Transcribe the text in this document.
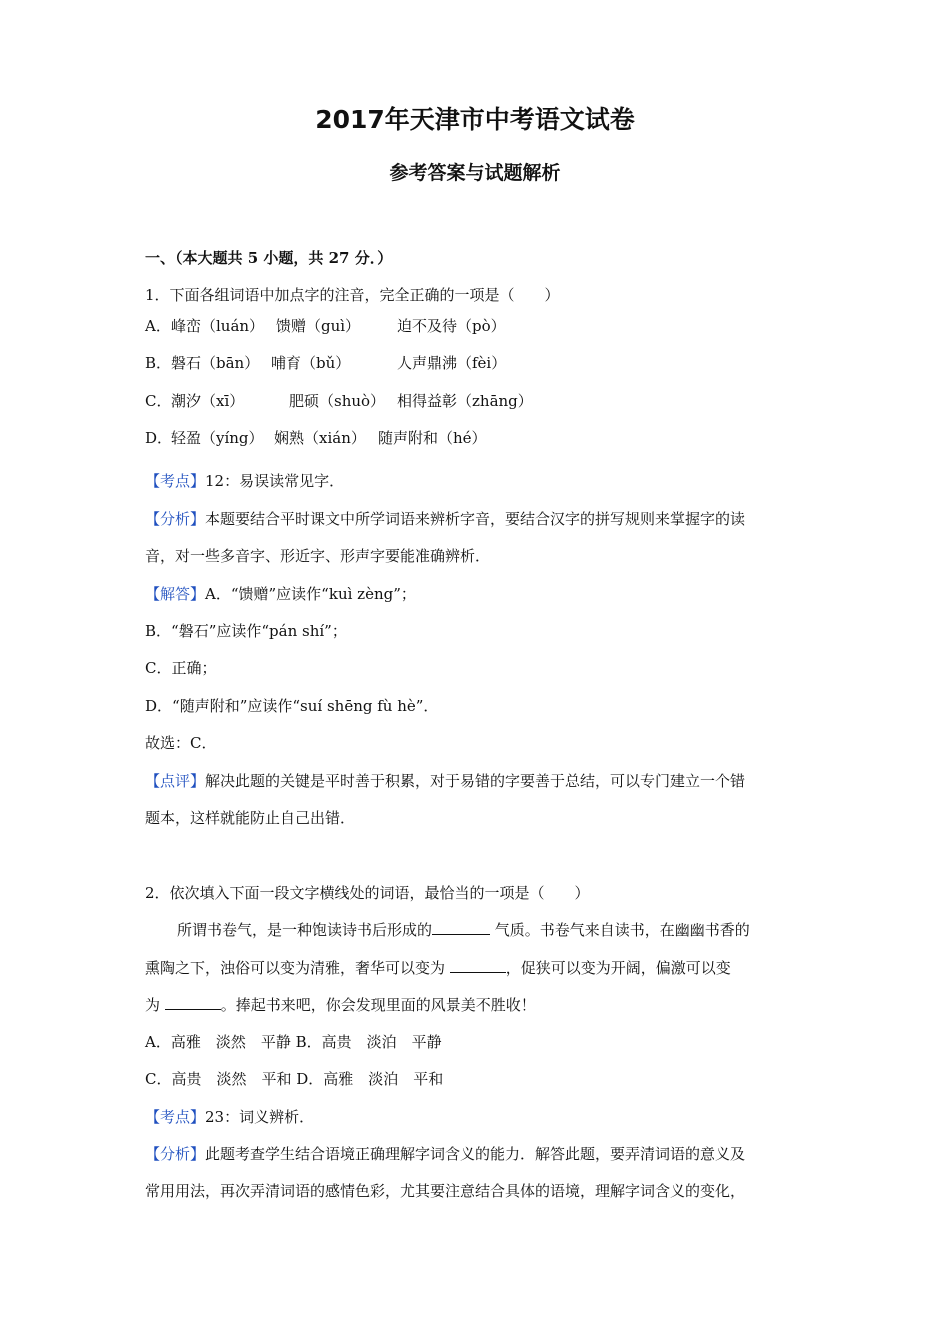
2017年天津市中考语文试卷
参考答案与试题解析
一、（本大题共 5 小题，共 27 分．）
1．下面各组词语中加点字的注音，完全正确的一项是（　　）
A． 峰峦（luán） 馈赠（guì） 迫不及待（pò）
B． 磐石（bān） 哺育（bǔ）	人声鼎沸（fèi）
C． 潮汐（xī）	肥硕（shuò） 相得益彰（zhāng）
D．
轻盈（yíng） 娴熟（xián） 随声附和（hé）
【考点】12：易误读常见字．
【分析】本题要结合平时课文中所学词语来辨析字音，要结合汉字的拼写规则来掌握字的读
音，对一些多音字、形近字、形声字要能准确辨析．
【解答】A．“馈赠”应读作“kuì zèng”；
B．“磐石”应读作“pán shí”；
C．正确；
D．“随声附和”应读作“suí shēng fù hè”．
故选：C．
【点评】解决此题的关键是平时善于积累，对于易错的字要善于总结，可以专门建立一个错
题本，这样就能防止自己出错．
2．依次填入下面一段文字横线处的词语，最恰当的一项是（　　）
所谓书卷气，是一种饱读诗书后形成的	气质。书卷气来自读书，在幽幽书香的
熏陶之下，浊俗可以变为清雅，奢华可以变为	，促狭可以变为开阔，偏激可以变
为	。捧起书来吧，你会发现里面的风景美不胜收！
A．高雅　淡然　平静 B．高贵　淡泊　平静
C．高贵　淡然　平和 D．高雅　淡泊　平和
【考点】23：词义辨析．
【分析】此题考查学生结合语境正确理解字词含义的能力．解答此题，要弄清词语的意义及
常用用法，再次弄清词语的感情色彩，尤其要注意结合具体的语境，理解字词含义的变化，
